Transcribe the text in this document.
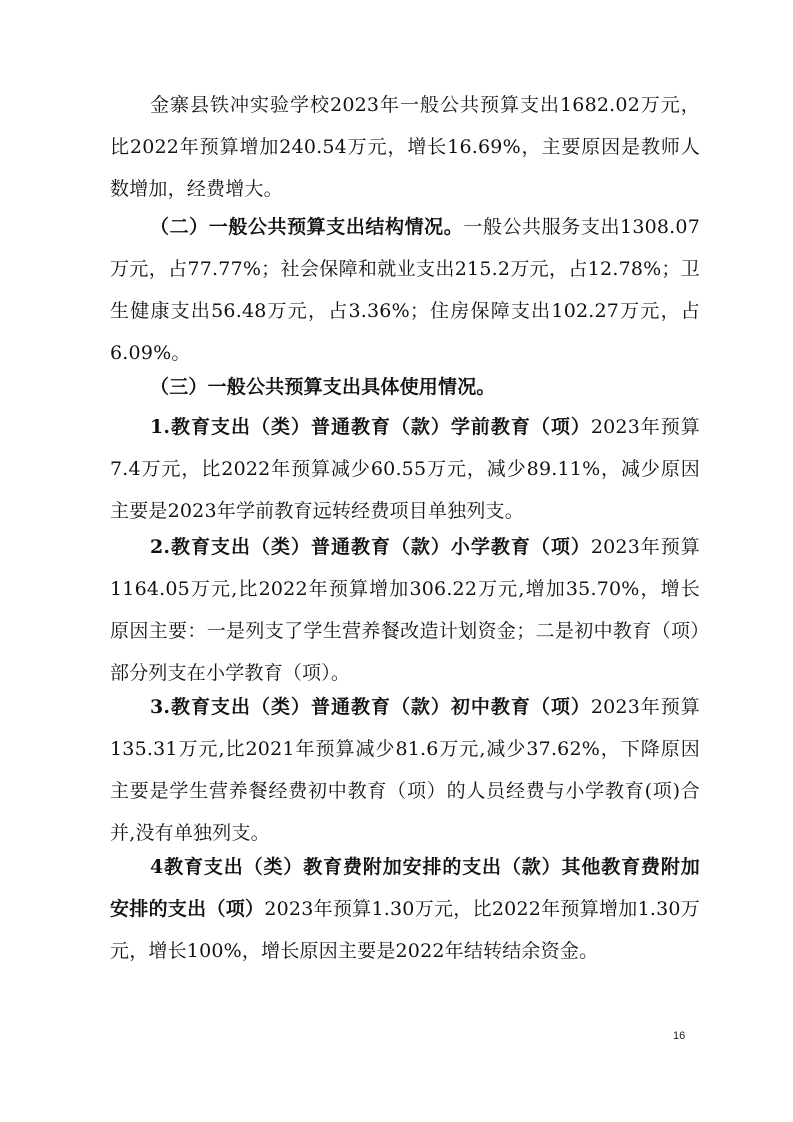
金寨县铁冲实验学校2023年一般公共预算支出1682.02万元，比2022年预算增加240.54万元，增长16.69%，主要原因是教师人数增加，经费增大。

（二）一般公共预算支出结构情况。一般公共服务支出1308.07万元，占77.77%；社会保障和就业支出215.2万元，占12.78%；卫生健康支出56.48万元，占3.36%；住房保障支出102.27万元，占6.09%。

（三）一般公共预算支出具体使用情况。

1.教育支出（类）普通教育（款）学前教育（项）2023年预算7.4万元，比2022年预算减少60.55万元，减少89.11%，减少原因主要是2023年学前教育远转经费项目单独列支。

2.教育支出（类）普通教育（款）小学教育（项）2023年预算1164.05万元,比2022年预算增加306.22万元,增加35.70%，增长原因主要：一是列支了学生营养餐改造计划资金；二是初中教育（项）部分列支在小学教育（项）。

3.教育支出（类）普通教育（款）初中教育（项）2023年预算135.31万元,比2021年预算减少81.6万元,减少37.62%，下降原因主要是学生营养餐经费初中教育（项）的人员经费与小学教育(项)合并,没有单独列支。

4教育支出（类）教育费附加安排的支出（款）其他教育费附加安排的支出（项）2023年预算1.30万元，比2022年预算增加1.30万元，增长100%，增长原因主要是2022年结转结余资金。

16
